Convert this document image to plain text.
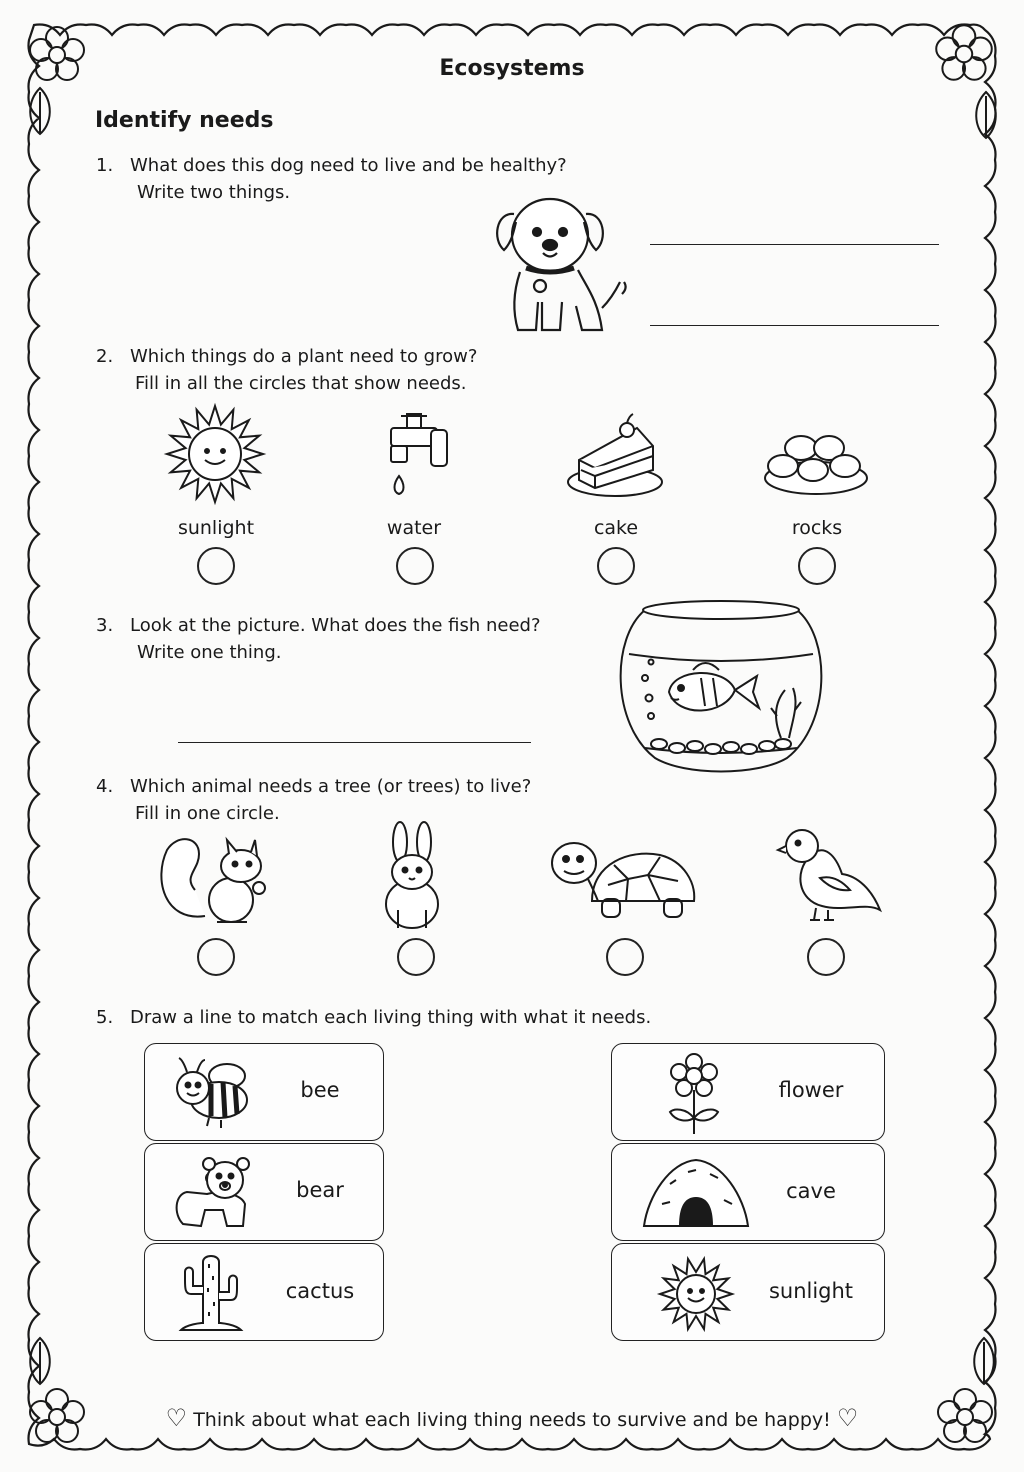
Ecosystems
Identify needs
1. What does this dog need to live and be healthy?
Write two things.
2. Which things do a plant need to grow?
Fill in all the circles that show needs.
sunlight	water	cake	rocks
3. Look at the picture. What does the fish need?
Write one thing.
4. Which animal needs a tree (or trees) to live?
Fill in one circle.
5. Draw a line to match each living thing with what it needs.
bee
bear
cactus
flower
cave
sunlight
♡ Think about what each living thing needs to survive and be happy! ♡
